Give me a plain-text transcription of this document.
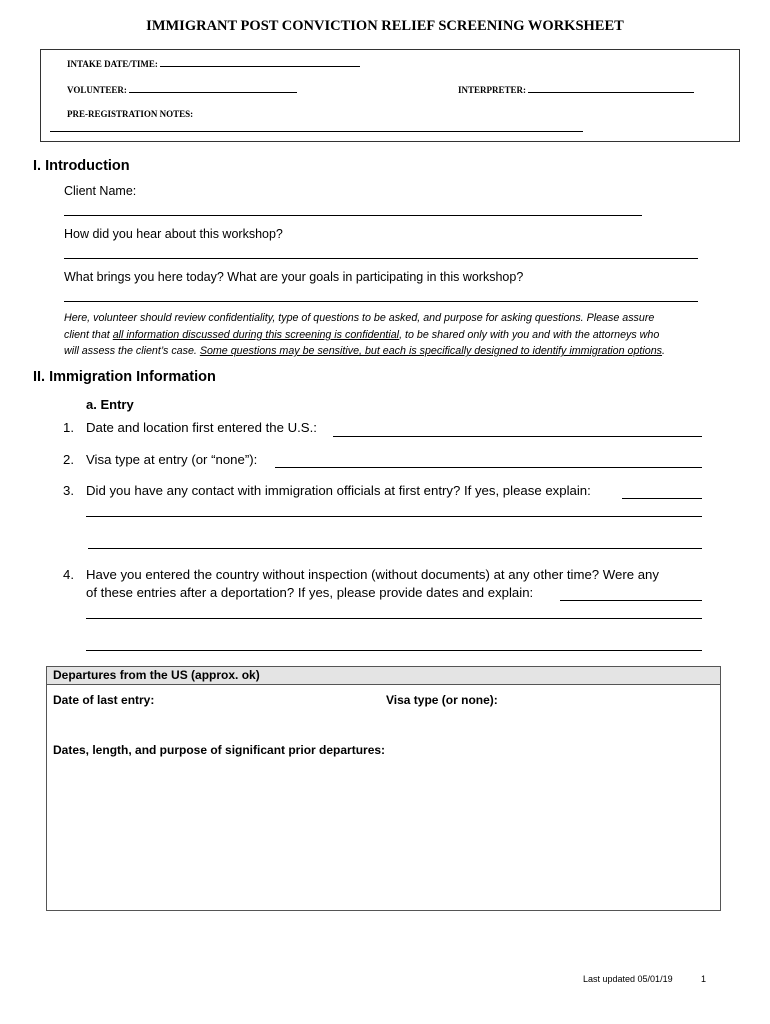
IMMIGRANT POST CONVICTION RELIEF SCREENING WORKSHEET
INTAKE DATE/TIME:
VOLUNTEER:	INTERPRETER:
PRE-REGISTRATION NOTES:
I. Introduction
Client Name:
How did you hear about this workshop?
What brings you here today? What are your goals in participating in this workshop?
Here, volunteer should review confidentiality, type of questions to be asked, and purpose for asking questions. Please assure
client that all information discussed during this screening is confidential, to be shared only with you and with the attorneys who
will assess the client’s case. Some questions may be sensitive, but each is specifically designed to identify immigration options.
II. Immigration Information
a. Entry
1. Date and location first entered the U.S.:
2. Visa type at entry (or “none”):
3. Did you have any contact with immigration officials at first entry? If yes, please explain:
4. Have you entered the country without inspection (without documents) at any other time? Were any
of these entries after a deportation? If yes, please provide dates and explain:
Departures from the US (approx. ok)
Date of last entry:	Visa type (or none):
Dates, length, and purpose of significant prior departures:
Last updated 05/01/19	1
